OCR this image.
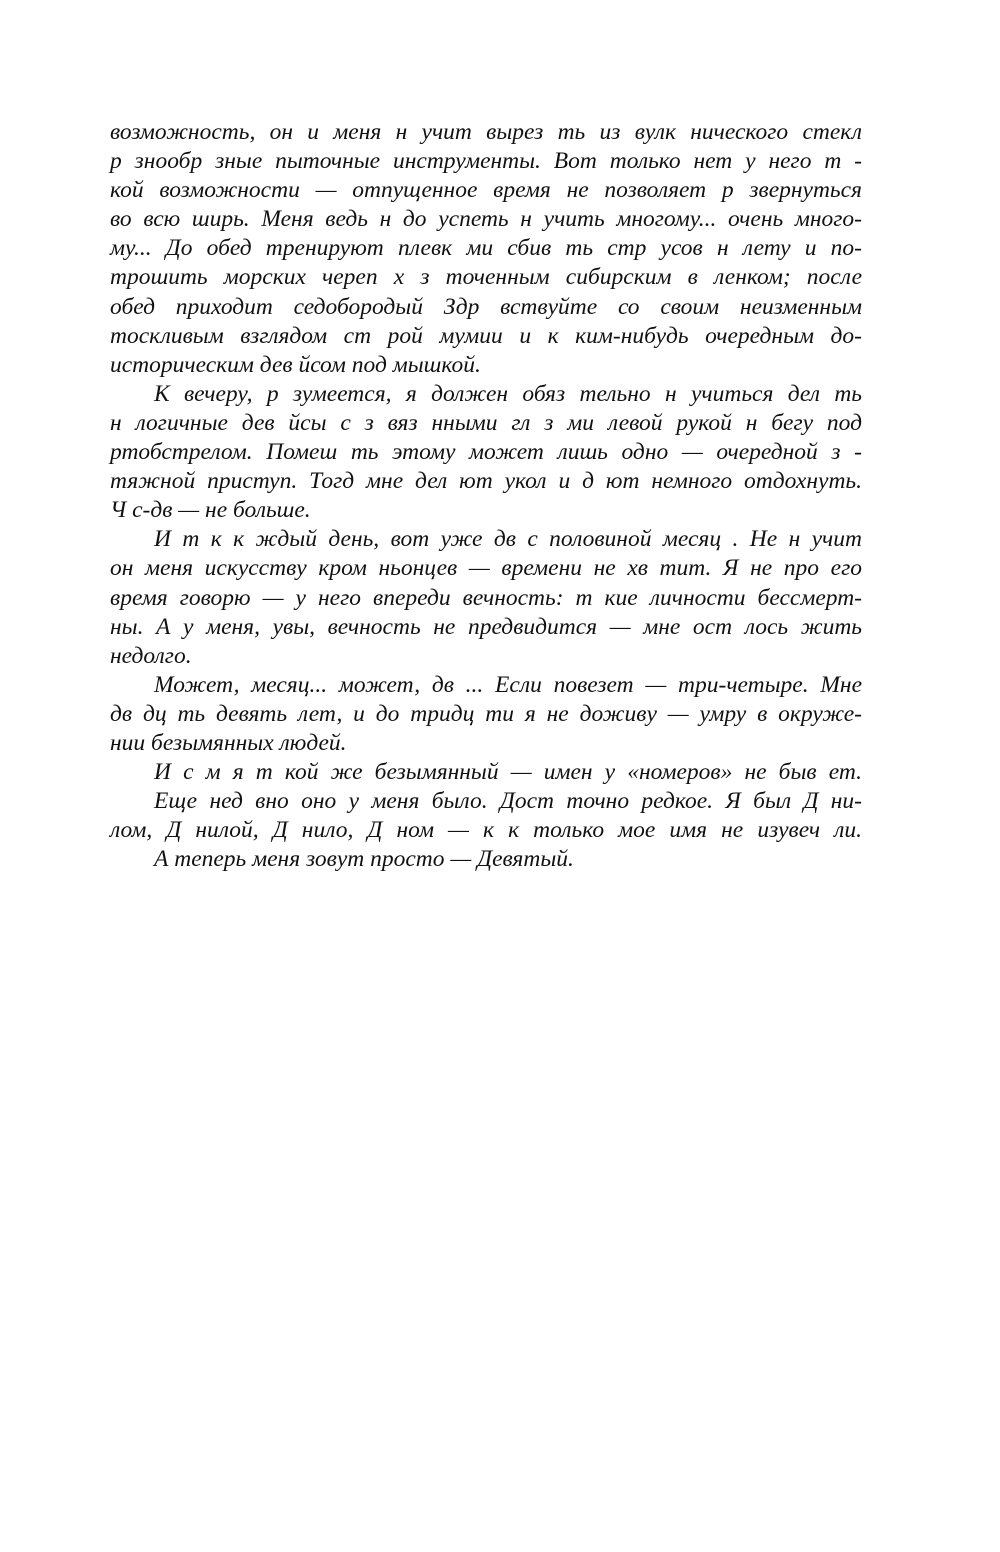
возможность, он и меня н учит вырез ть из вулк нического стекл
р знообр зные пыточные инструменты. Вот только нет у него т -
кой возможности — отпущенное время не позволяет р звернуться
во всю ширь. Меня ведь н до успеть н учить многому... очень много-
му... До обед тренируют плевк ми сбив ть стр усов н лету и по-
трошить морских череп х з точенным сибирским в ленком; после
обед приходит седобородый Здр вствуйте со своим неизменным
тоскливым взглядом ст рой мумии и к ким-нибудь очередным до-
историческим дев йсом под мышкой.
К вечеру, р зумеется, я должен обяз тельно н учиться дел ть
н логичные дев йсы с з вяз нными гл з ми левой рукой н бегу под
ртобстрелом. Помеш ть этому может лишь одно — очередной з -
тяжной приступ. Тогд мне дел ют укол и д ют немного отдохнуть.
Ч с-дв — не больше.
И т к к ждый день, вот уже дв с половиной месяц . Не н учит
он меня искусству кром ньонцев — времени не хв тит. Я не про его
время говорю — у него впереди вечность: т кие личности бессмерт-
ны. А у меня, увы, вечность не предвидится — мне ост лось жить
недолго.
Может, месяц... может, дв ... Если повезет — три-четыре. Мне
дв дц ть девять лет, и до тридц ти я не доживу — умру в окруже-
нии безымянных людей.
И с м я т кой же безымянный — имен у «номеров» не быв ет.
Еще нед вно оно у меня было. Дост точно редкое. Я был Д ни-
лом, Д нилой, Д нило, Д ном — к к только мое имя не изувеч ли.
А теперь меня зовут просто — Девятый.
